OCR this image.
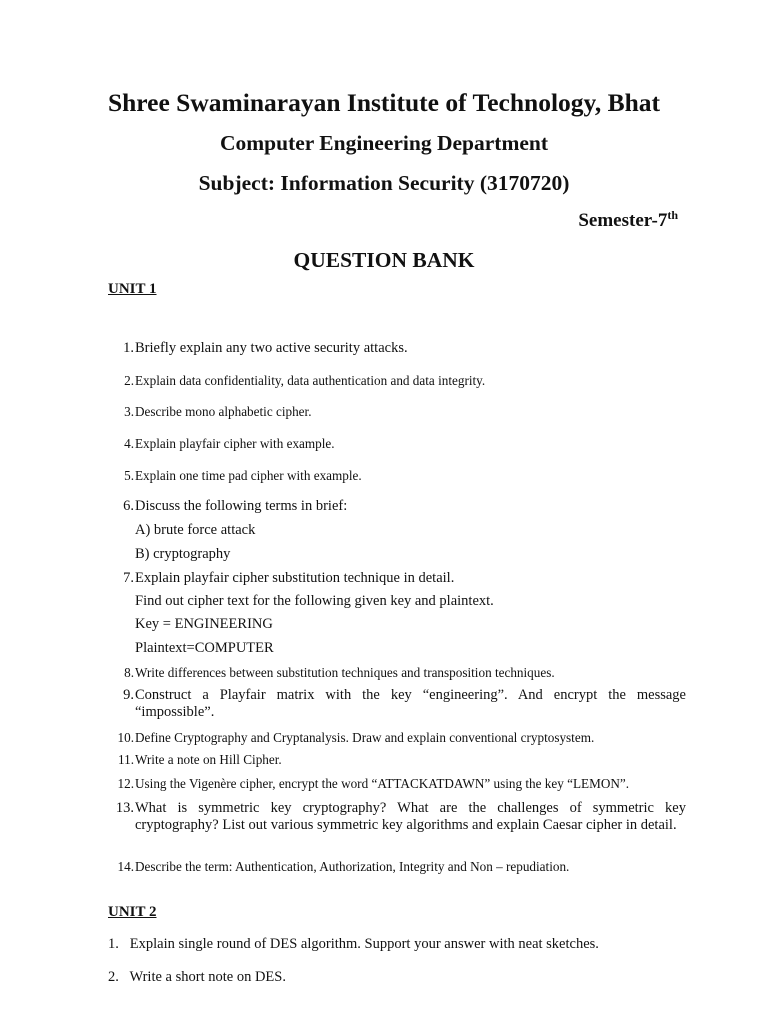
Shree Swaminarayan Institute of Technology, Bhat
Computer Engineering Department
Subject: Information Security (3170720)
Semester-7th
QUESTION BANK
UNIT 1
1. Briefly explain any two active security attacks.
2. Explain data confidentiality, data authentication and data integrity.
3. Describe mono alphabetic cipher.
4. Explain playfair cipher with example.
5. Explain one time pad cipher with example.
6. Discuss the following terms in brief:
A) brute force attack
B) cryptography
7. Explain playfair cipher substitution technique in detail.
Find out cipher text for the following given key and plaintext.
Key = ENGINEERING
Plaintext=COMPUTER
8. Write differences between substitution techniques and transposition techniques.
9. Construct a Playfair matrix with the key “engineering”. And encrypt the message “impossible”.
10. Define Cryptography and Cryptanalysis. Draw and explain conventional cryptosystem.
11. Write a note on Hill Cipher.
12. Using the Vigenère cipher, encrypt the word “ATTACKATDAWN” using the key “LEMON”.
13. What is symmetric key cryptography? What are the challenges of symmetric key cryptography? List out various symmetric key algorithms and explain Caesar cipher in detail.
14. Describe the term: Authentication, Authorization, Integrity and Non – repudiation.
UNIT 2
1. Explain single round of DES algorithm. Support your answer with neat sketches.
2. Write a short note on DES.
